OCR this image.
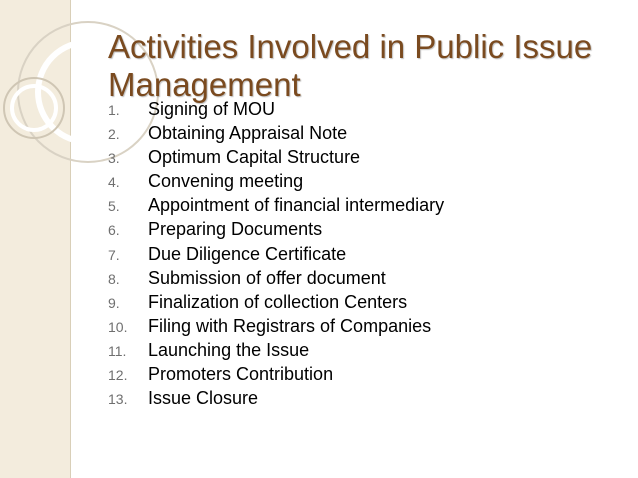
Activities Involved in Public Issue Management
1.	Signing of MOU
2.	Obtaining Appraisal Note
3.	Optimum Capital Structure
4.	Convening meeting
5.	Appointment of financial intermediary
6.	Preparing Documents
7.	Due Diligence Certificate
8.	Submission of offer document
9.	Finalization of collection Centers
10.	Filing with Registrars of Companies
11.	Launching the Issue
12.	Promoters Contribution
13.	Issue Closure
